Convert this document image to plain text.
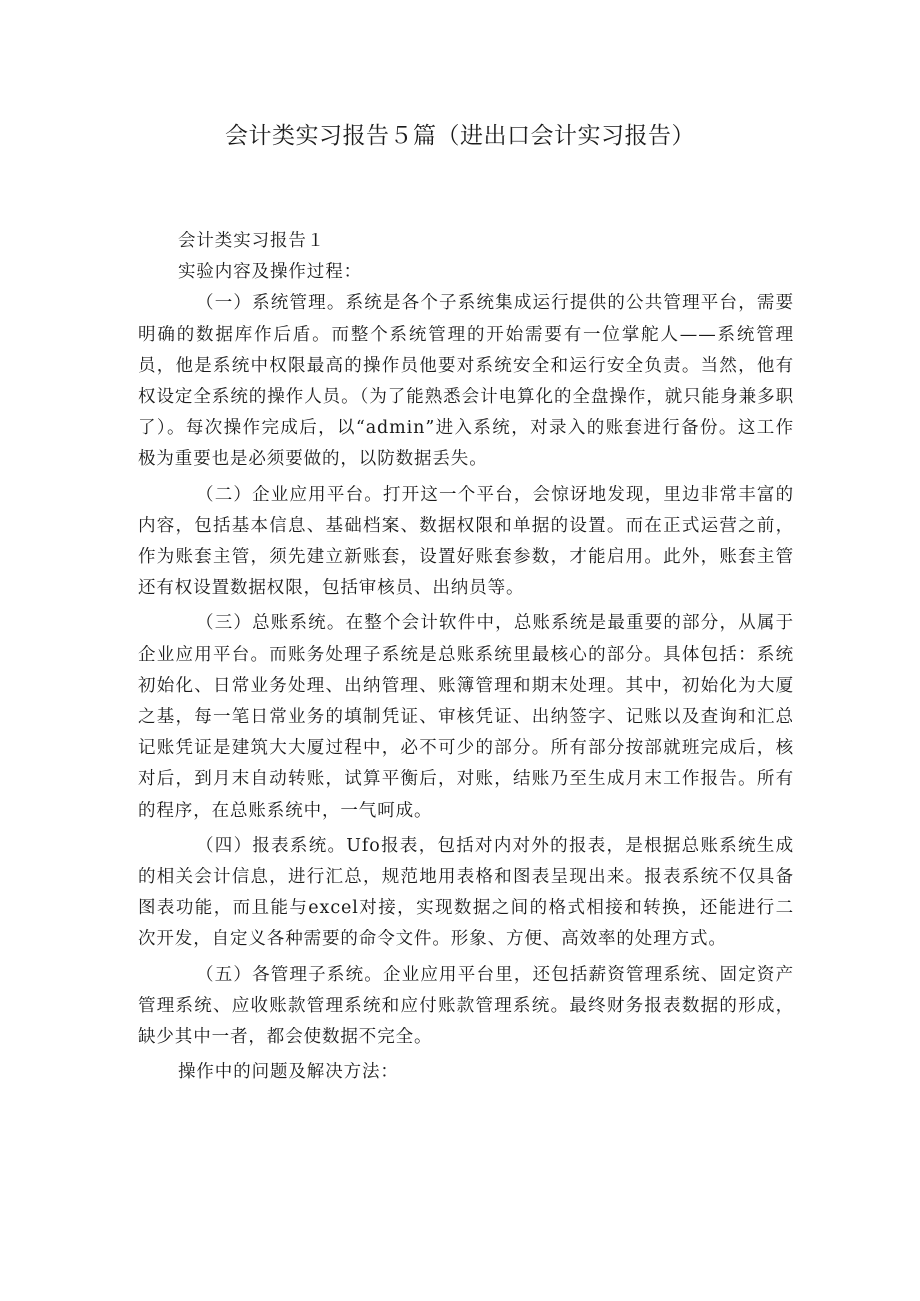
会计类实习报告５篇（进出口会计实习报告）

会计类实习报告１

实验内容及操作过程：

（一）系统管理。系统是各个子系统集成运行提供的公共管理平台，需要明确的数据库作后盾。而整个系统管理的开始需要有一位掌舵人——系统管理员，他是系统中权限最高的操作员他要对系统安全和运行安全负责。当然，他有权设定全系统的操作人员。（为了能熟悉会计电算化的全盘操作，就只能身兼多职了）。每次操作完成后，以“admin”进入系统，对录入的账套进行备份。这工作极为重要也是必须要做的，以防数据丢失。

（二）企业应用平台。打开这一个平台，会惊讶地发现，里边非常丰富的内容，包括基本信息、基础档案、数据权限和单据的设置。而在正式运营之前，作为账套主管，须先建立新账套，设置好账套参数，才能启用。此外，账套主管还有权设置数据权限，包括审核员、出纳员等。

（三）总账系统。在整个会计软件中，总账系统是最重要的部分，从属于企业应用平台。而账务处理子系统是总账系统里最核心的部分。具体包括：系统初始化、日常业务处理、出纳管理、账簿管理和期末处理。其中，初始化为大厦之基，每一笔日常业务的填制凭证、审核凭证、出纳签字、记账以及查询和汇总记账凭证是建筑大大厦过程中，必不可少的部分。所有部分按部就班完成后，核对后，到月末自动转账，试算平衡后，对账，结账乃至生成月末工作报告。所有的程序，在总账系统中，一气呵成。

（四）报表系统。Ufo报表，包括对内对外的报表，是根据总账系统生成的相关会计信息，进行汇总，规范地用表格和图表呈现出来。报表系统不仅具备图表功能，而且能与excel对接，实现数据之间的格式相接和转换，还能进行二次开发，自定义各种需要的命令文件。形象、方便、高效率的处理方式。

（五）各管理子系统。企业应用平台里，还包括薪资管理系统、固定资产管理系统、应收账款管理系统和应付账款管理系统。最终财务报表数据的形成，缺少其中一者，都会使数据不完全。

操作中的问题及解决方法：
